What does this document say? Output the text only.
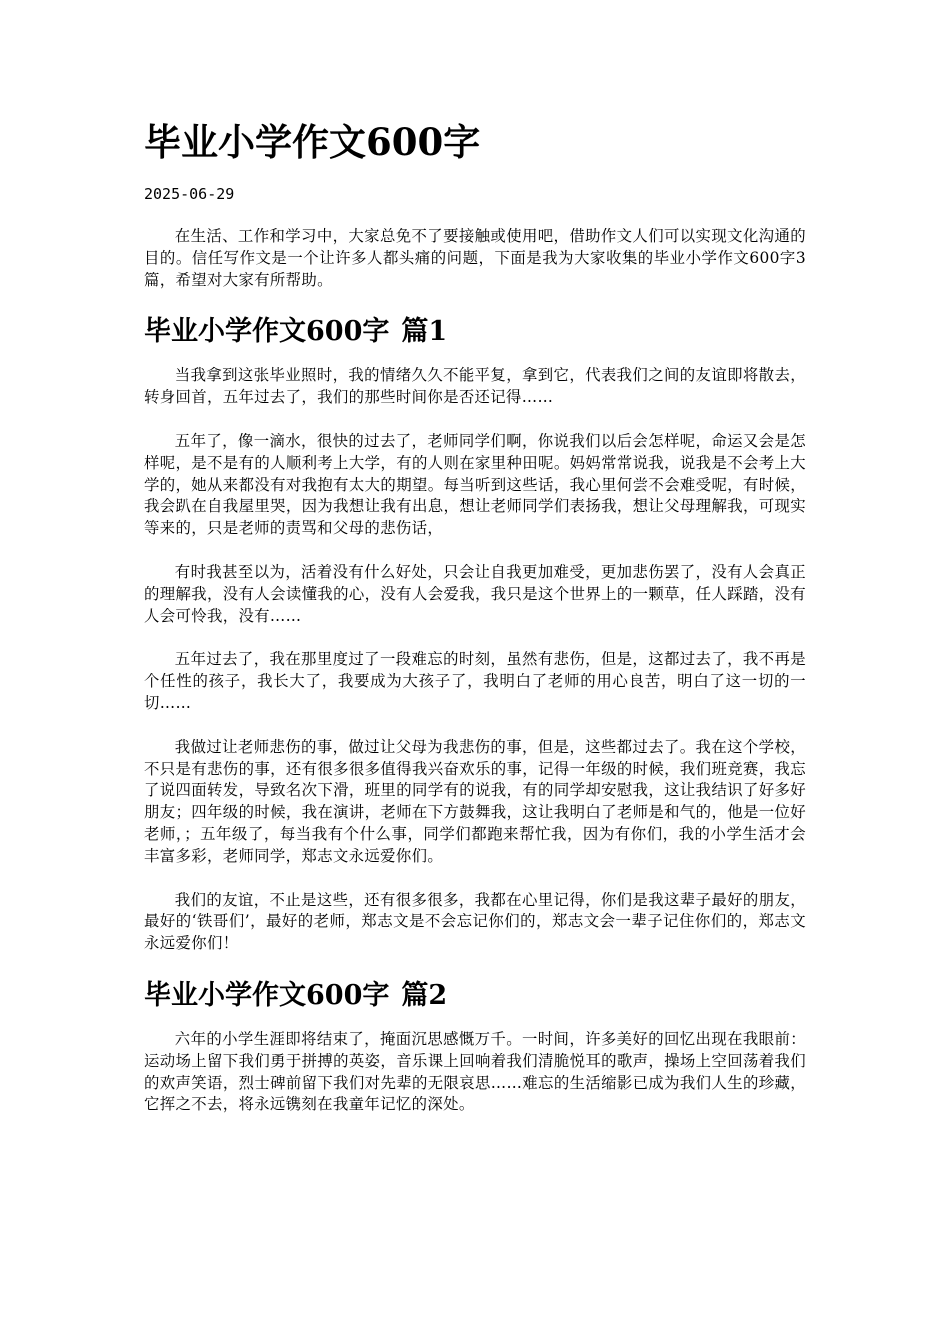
毕业小学作文600字
2025-06-29

在生活、工作和学习中，大家总免不了要接触或使用吧，借助作文人们可以实现文化沟通的目的。信任写作文是一个让许多人都头痛的问题，下面是我为大家收集的毕业小学作文600字3篇，希望对大家有所帮助。

毕业小学作文600字 篇1

当我拿到这张毕业照时，我的情绪久久不能平复，拿到它，代表我们之间的友谊即将散去，转身回首，五年过去了，我们的那些时间你是否还记得……

五年了，像一滴水，很快的过去了，老师同学们啊，你说我们以后会怎样呢，命运又会是怎样呢，是不是有的人顺利考上大学，有的人则在家里种田呢。妈妈常常说我，说我是不会考上大学的，她从来都没有对我抱有太大的期望。每当听到这些话，我心里何尝不会难受呢，有时候，我会趴在自我屋里哭，因为我想让我有出息，想让老师同学们表扬我，想让父母理解我，可现实等来的，只是老师的责骂和父母的悲伤话，

有时我甚至以为，活着没有什么好处，只会让自我更加难受，更加悲伤罢了，没有人会真正的理解我，没有人会读懂我的心，没有人会爱我，我只是这个世界上的一颗草，任人踩踏，没有人会可怜我，没有……

五年过去了，我在那里度过了一段难忘的时刻，虽然有悲伤，但是，这都过去了，我不再是个任性的孩子，我长大了，我要成为大孩子了，我明白了老师的用心良苦，明白了这一切的一切……

我做过让老师悲伤的事，做过让父母为我悲伤的事，但是，这些都过去了。我在这个学校，不只是有悲伤的事，还有很多很多值得我兴奋欢乐的事，记得一年级的时候，我们班竞赛，我忘了说四面转发，导致名次下滑，班里的同学有的说我，有的同学却安慰我，这让我结识了好多好朋友；四年级的时候，我在演讲，老师在下方鼓舞我，这让我明白了老师是和气的，他是一位好老师，；五年级了，每当我有个什么事，同学们都跑来帮忙我，因为有你们，我的小学生活才会丰富多彩，老师同学，郑志文永远爱你们。

我们的友谊，不止是这些，还有很多很多，我都在心里记得，你们是我这辈子最好的朋友，最好的‘铁哥们’，最好的老师，郑志文是不会忘记你们的，郑志文会一辈子记住你们的，郑志文永远爱你们！

毕业小学作文600字 篇2

六年的小学生涯即将结束了，掩面沉思感慨万千。一时间，许多美好的回忆出现在我眼前：运动场上留下我们勇于拼搏的英姿，音乐课上回响着我们清脆悦耳的歌声，操场上空回荡着我们的欢声笑语，烈士碑前留下我们对先辈的无限哀思……难忘的生活缩影已成为我们人生的珍藏，它挥之不去，将永远镌刻在我童年记忆的深处。
